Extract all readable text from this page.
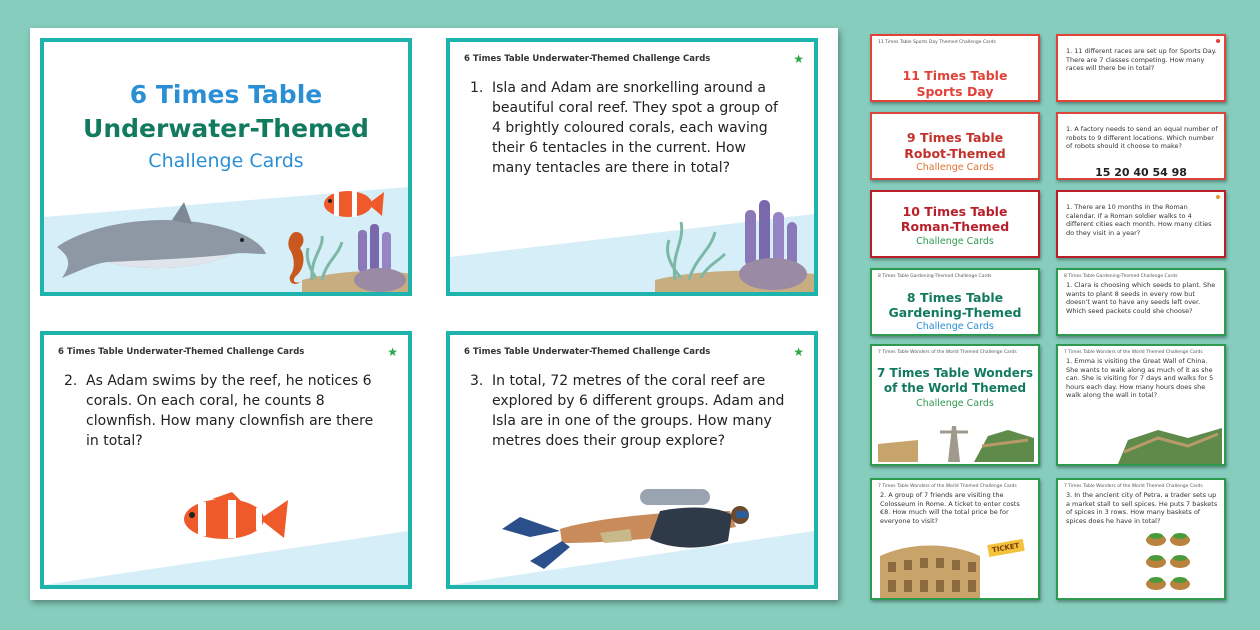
6 Times Table
Underwater-Themed
Challenge Cards
6 Times Table Underwater-Themed Challenge Cards	★
1. Isla and Adam are snorkelling around a beautiful coral reef. They spot a group of 4 brightly coloured corals, each waving their 6 tentacles in the current. How many tentacles are there in total?
6 Times Table Underwater-Themed Challenge Cards	★
2. As Adam swims by the reef, he notices 6 corals. On each coral, he counts 8 clownfish. How many clownfish are there in total?
6 Times Table Underwater-Themed Challenge Cards	★
3. In total, 72 metres of the coral reef are explored by 6 different groups. Adam and Isla are in one of the groups. How many metres does their group explore?
11 Times Table Sports Day Themed Challenge Cards
11 Times Table
Sports Day
1. 11 different races are set up for Sports Day. There are 7 classes competing. How many races will there be in total?
9 Times Table
Robot-Themed
Challenge Cards
1. A factory needs to send an equal number of robots to 9 different locations. Which number of robots should it choose to make?
15 20 40 54 98
10 Times Table
Roman-Themed
Challenge Cards
1. There are 10 months in the Roman calendar. If a Roman soldier walks to 4 different cities each month. How many cities do they visit in a year?
8 Times Table Gardening-Themed Challenge Cards
8 Times Table
Gardening-Themed
Challenge Cards
8 Times Table Gardening-Themed Challenge Cards
1. Clara is choosing which seeds to plant. She wants to plant 8 seeds in every row but doesn't want to have any seeds left over. Which seed packets could she choose?
7 Times Table Wonders of the World Themed Challenge Cards
7 Times Table Wonders
of the World Themed
Challenge Cards
7 Times Table Wonders of the World Themed Challenge Cards
1. Emma is visiting the Great Wall of China. She wants to walk along as much of it as she can. She is visiting for 7 days and walks for 5 hours each day. How many hours does she walk along the wall in total?
7 Times Table Wonders of the World Themed Challenge Cards
2. A group of 7 friends are visiting the Colosseum in Rome. A ticket to enter costs €8. How much will the total price be for everyone to visit?
TICKET
7 Times Table Wonders of the World Themed Challenge Cards
3. In the ancient city of Petra, a trader sets up a market stall to sell spices. He puts 7 baskets of spices in 3 rows. How many baskets of spices does he have in total?
